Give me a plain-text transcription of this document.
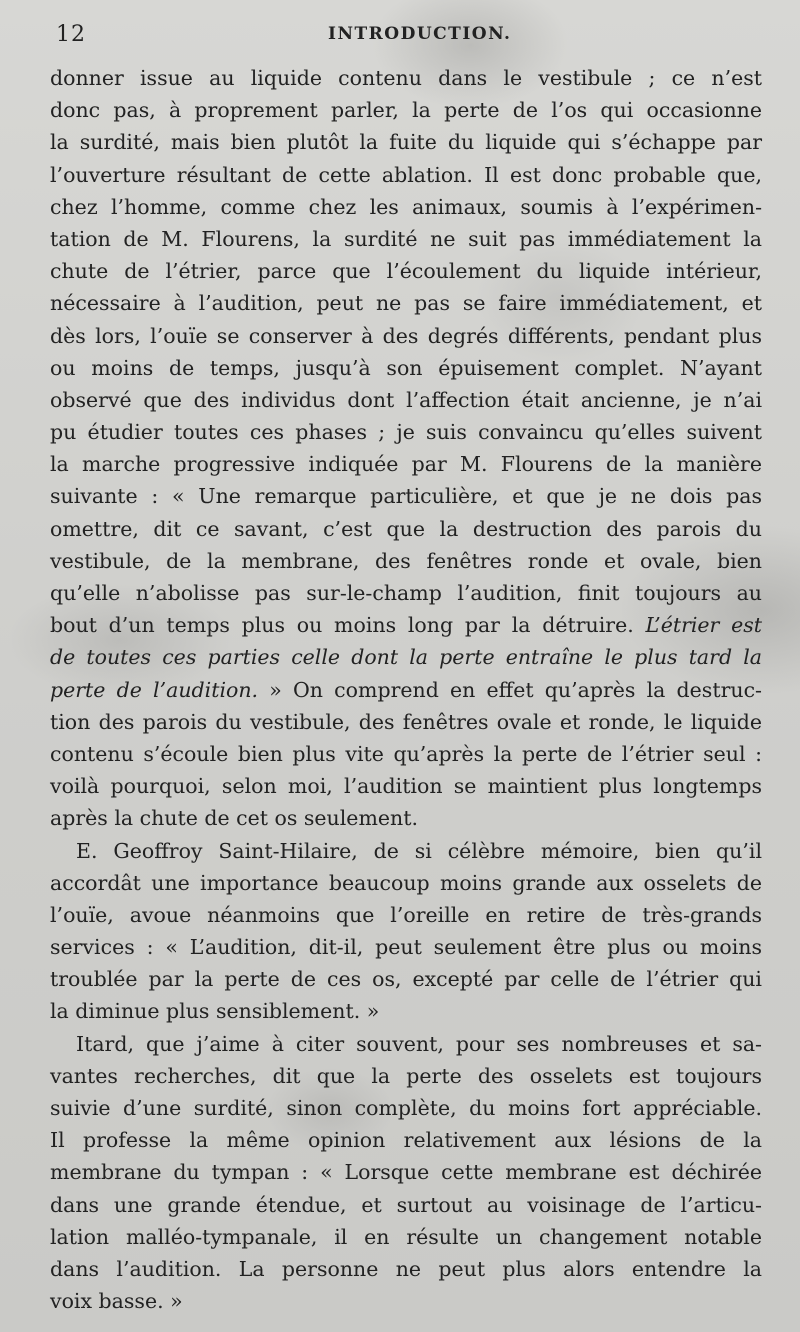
12	INTRODUCTION.
donner issue au liquide contenu dans le vestibule ; ce n’est
donc pas, à proprement parler, la perte de l’os qui occasionne
la surdité, mais bien plutôt la fuite du liquide qui s’échappe par
l’ouverture résultant de cette ablation. Il est donc probable que,
chez l’homme, comme chez les animaux, soumis à l’expérimen-
tation de M. Flourens, la surdité ne suit pas immédiatement la
chute de l’étrier, parce que l’écoulement du liquide intérieur,
nécessaire à l’audition, peut ne pas se faire immédiatement, et
dès lors, l’ouïe se conserver à des degrés différents, pendant plus
ou moins de temps, jusqu’à son épuisement complet. N’ayant
observé que des individus dont l’affection était ancienne, je n’ai
pu étudier toutes ces phases ; je suis convaincu qu’elles suivent
la marche progressive indiquée par M. Flourens de la manière
suivante : « Une remarque particulière, et que je ne dois pas
omettre, dit ce savant, c’est que la destruction des parois du
vestibule, de la membrane, des fenêtres ronde et ovale, bien
qu’elle n’abolisse pas sur-le-champ l’audition, finit toujours au
bout d’un temps plus ou moins long par la détruire. L’étrier est
de toutes ces parties celle dont la perte entraîne le plus tard la
perte de l’audition. » On comprend en effet qu’après la destruc-
tion des parois du vestibule, des fenêtres ovale et ronde, le liquide
contenu s’écoule bien plus vite qu’après la perte de l’étrier seul :
voilà pourquoi, selon moi, l’audition se maintient plus longtemps
après la chute de cet os seulement.
E. Geoffroy Saint-Hilaire, de si célèbre mémoire, bien qu’il
accordât une importance beaucoup moins grande aux osselets de
l’ouïe, avoue néanmoins que l’oreille en retire de très-grands
services : « L’audition, dit-il, peut seulement être plus ou moins
troublée par la perte de ces os, excepté par celle de l’étrier qui
la diminue plus sensiblement. »
Itard, que j’aime à citer souvent, pour ses nombreuses et sa-
vantes recherches, dit que la perte des osselets est toujours
suivie d’une surdité, sinon complète, du moins fort appréciable.
Il professe la même opinion relativement aux lésions de la
membrane du tympan : « Lorsque cette membrane est déchirée
dans une grande étendue, et surtout au voisinage de l’articu-
lation malléo-tympanale, il en résulte un changement notable
dans l’audition. La personne ne peut plus alors entendre la
voix basse. »
